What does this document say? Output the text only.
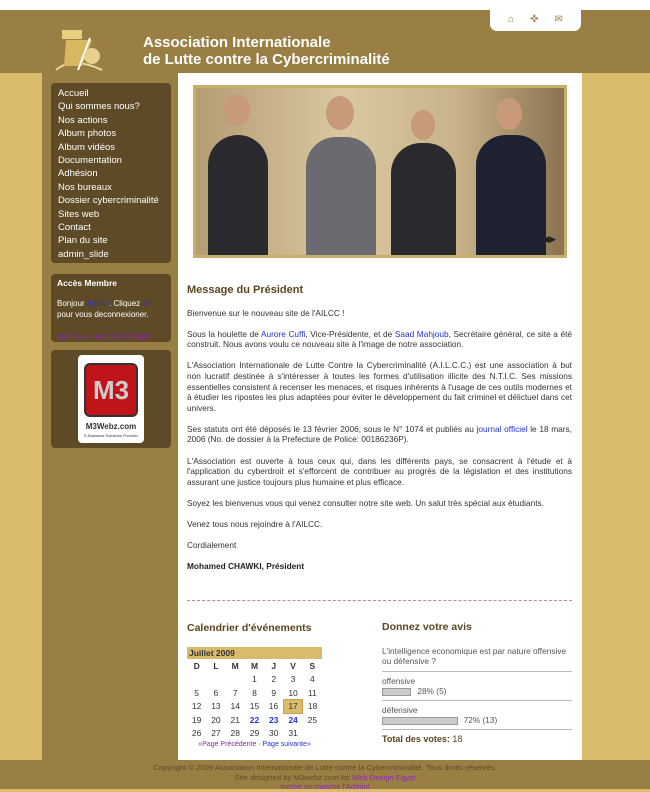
Association Internationale
de Lutte contre la Cybercriminalité
⌂ ✜ ✉
Accueil
Qui sommes nous?
Nos actions
Album photos
Album vidéos
Documentation
Adhésion
Nos bureaux
Dossier cybercriminalité
Sites web
Contact
Plan du site
admin_slide
Accès Membre
Bonjour Admin. Cliquez ici pour vous deconnexioner.
mettre en marche l'Admin!
M3
M3Webz.com
E-Business Solutions Provider
◀▶
Message du Président

Bienvenue sur le nouveau site de l'AILCC !

Sous la houlette de Aurore Cuffi, Vice-Présidente, et de Saad Mahjoub, Secrétaire général, ce site a été construit. Nous avons voulu ce nouveau site à l'image de notre association.

L'Association Internationale de Lutte Contre la Cybercriminalité (A.I.L.C.C.) est une association à but non lucratif destinée à s'intéresser à toutes les formes d'utilisation illicite des N.T.I.C. Ses missions essentielles consistent à recenser les menaces, et risques inhérents à l'usage de ces outils modernes et à étudier les ripostes les plus adaptées pour éviter le développement du fait criminel et délictuel dans cet univers.

Ses statuts ont été déposés le 13 février 2006, sous le N° 1074 et publiés au journal officiel le 18 mars, 2006 (No. de dossier à la Prefecture de Police: 00186236P).

L'Association est ouverte à tous ceux qui, dans les différents pays, se consacrent à l'étude et à l'application du cyberdroit et s'efforcent de contribuer au progrès de la législation et des institutions assurant une justice toujours plus humaine et plus efficace.

Soyez les bienvenus vous qui venez consulter notre site web. Un salut très spécial aux étudiants.

Venez tous nous rejoindre à l'AILCC.

Cordialement

Mohamed CHAWKI, Président

Calendrier d'événements
Juillet 2009
D	L	M	M	J	V	S
			1	2	3	4
5	6	7	8	9	10	11
12	13	14	15	16	17	18
19	20	21	22	23	24	25
26	27	28	29	30	31	
«Page Précédente · Page suivante»
Donnez votre avis
L'intelligence economique est par nature offensive ou défensive ?
offensive
28% (5)
défensive
72% (13)
Total des votes: 18
Copyright © 2009 Association Internationale de Lutte contre la Cybercriminalité. Tous droits réservés.
Site designed by M3webz.com for Web Design Egypt
mettre en marche l'Admin!
